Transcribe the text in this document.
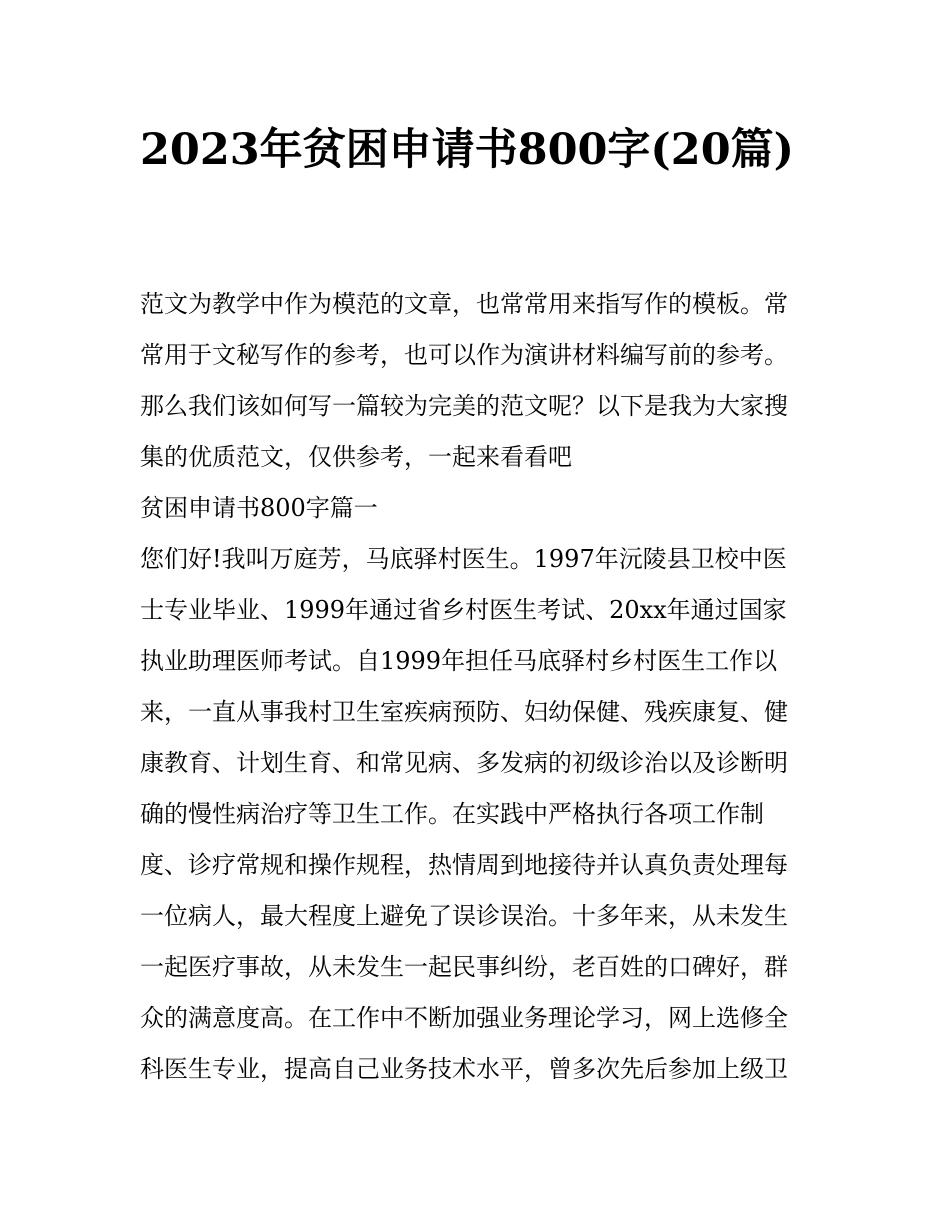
2023年贫困申请书800字(20篇)
范文为教学中作为模范的文章，也常常用来指写作的模板。常
常用于文秘写作的参考，也可以作为演讲材料编写前的参考。
那么我们该如何写一篇较为完美的范文呢？以下是我为大家搜
集的优质范文，仅供参考，一起来看看吧
贫困申请书800字篇一
您们好!我叫万庭芳，马底驿村医生。1997年沅陵县卫校中医
士专业毕业、1999年通过省乡村医生考试、20xx年通过国家
执业助理医师考试。自1999年担任马底驿村乡村医生工作以
来，一直从事我村卫生室疾病预防、妇幼保健、残疾康复、健
康教育、计划生育、和常见病、多发病的初级诊治以及诊断明
确的慢性病治疗等卫生工作。在实践中严格执行各项工作制
度、诊疗常规和操作规程，热情周到地接待并认真负责处理每
一位病人，最大程度上避免了误诊误治。十多年来，从未发生
一起医疗事故，从未发生一起民事纠纷，老百姓的口碑好，群
众的满意度高。在工作中不断加强业务理论学习，网上选修全
科医生专业，提高自己业务技术水平，曾多次先后参加上级卫
